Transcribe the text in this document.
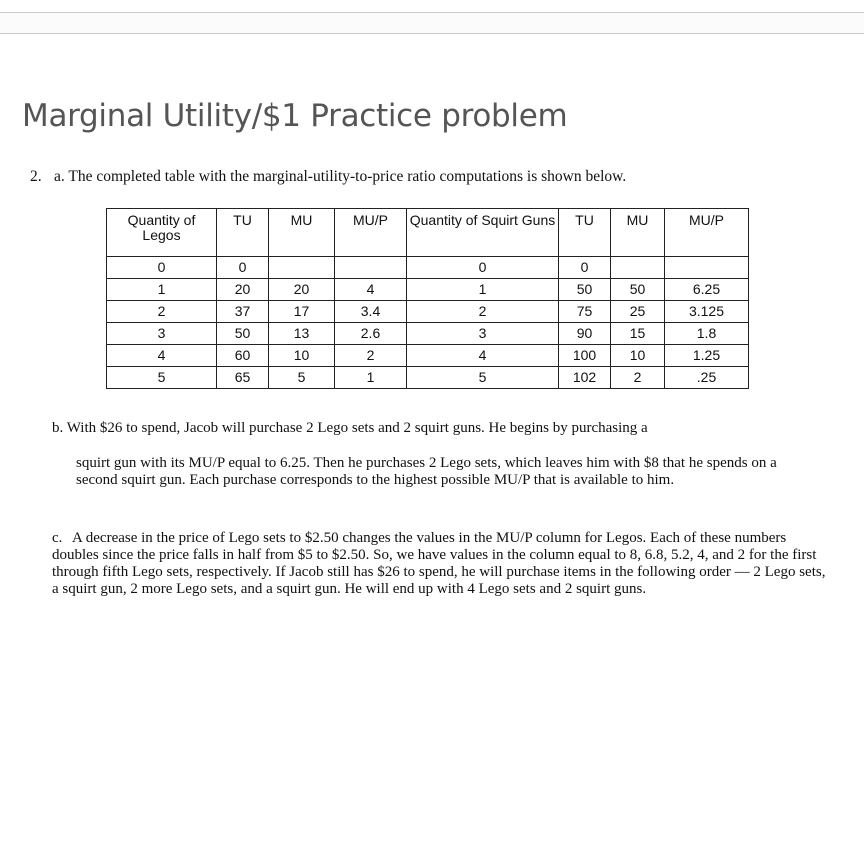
Marginal Utility/$1 Practice problem
2. a. The completed table with the marginal-utility-to-price ratio computations is shown below.
Quantity of Legos	TU	MU	MU/P	Quantity of Squirt Guns	TU	MU	MU/P
0	0			0	0		
1	20	20	4	1	50	50	6.25
2	37	17	3.4	2	75	25	3.125
3	50	13	2.6	3	90	15	1.8
4	60	10	2	4	100	10	1.25
5	65	5	1	5	102	2	.25

b. With $26 to spend, Jacob will purchase 2 Lego sets and 2 squirt guns. He begins by purchasing a

squirt gun with its MU/P equal to 6.25. Then he purchases 2 Lego sets, which leaves him with $8 that he spends on a second squirt gun. Each purchase corresponds to the highest possible MU/P that is available to him.

c. A decrease in the price of Lego sets to $2.50 changes the values in the MU/P column for Legos. Each of these numbers doubles since the price falls in half from $5 to $2.50. So, we have values in the column equal to 8, 6.8, 5.2, 4, and 2 for the first through fifth Lego sets, respectively. If Jacob still has $26 to spend, he will purchase items in the following order — 2 Lego sets, a squirt gun, 2 more Lego sets, and a squirt gun. He will end up with 4 Lego sets and 2 squirt guns.
